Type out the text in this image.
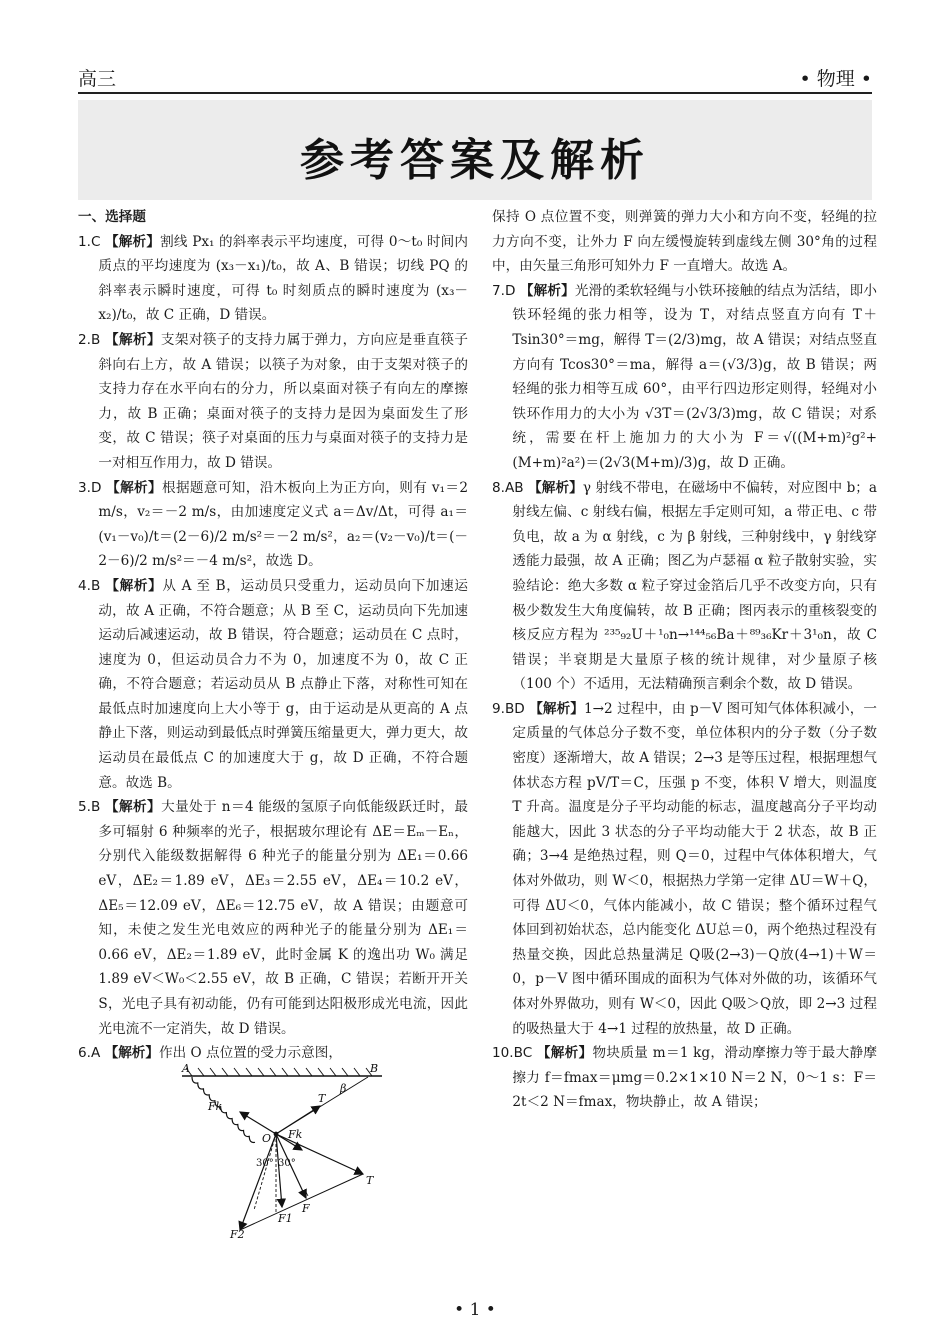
高三	• 物理 •
参考答案及解析

一、选择题

1.C 【解析】割线 Px₁ 的斜率表示平均速度，可得 0～t₀ 时间内质点的平均速度为 (x₃－x₁)/t₀，故 A、B 错误；切线 PQ 的斜率表示瞬时速度，可得 t₀ 时刻质点的瞬时速度为 (x₃－x₂)/t₀，故 C 正确，D 错误。

2.B 【解析】支架对筷子的支持力属于弹力，方向应是垂直筷子斜向右上方，故 A 错误；以筷子为对象，由于支架对筷子的支持力存在水平向右的分力，所以桌面对筷子有向左的摩擦力，故 B 正确；桌面对筷子的支持力是因为桌面发生了形变，故 C 错误；筷子对桌面的压力与桌面对筷子的支持力是一对相互作用力，故 D 错误。

3.D 【解析】根据题意可知，沿木板向上为正方向，则有 v₁＝2 m/s，v₂＝－2 m/s，由加速度定义式 a＝Δv/Δt，可得 a₁＝(v₁－v₀)/t＝(2－6)/2 m/s²＝－2 m/s²，a₂＝(v₂－v₀)/t＝(－2－6)/2 m/s²＝－4 m/s²，故选 D。

4.B 【解析】从 A 至 B，运动员只受重力，运动员向下加速运动，故 A 正确，不符合题意；从 B 至 C，运动员向下先加速运动后减速运动，故 B 错误，符合题意；运动员在 C 点时，速度为 0，但运动员合力不为 0，加速度不为 0，故 C 正确，不符合题意；若运动员从 B 点静止下落，对称性可知在最低点时加速度向上大小等于 g，由于运动是从更高的 A 点静止下落，则运动到最低点时弹簧压缩量更大，弹力更大，故运动员在最低点 C 的加速度大于 g，故 D 正确，不符合题意。故选 B。

5.B 【解析】大量处于 n＝4 能级的氢原子向低能级跃迁时，最多可辐射 6 种频率的光子，根据玻尔理论有 ΔE＝Eₘ－Eₙ，分别代入能级数据解得 6 种光子的能量分别为 ΔE₁＝0.66 eV，ΔE₂＝1.89 eV，ΔE₃＝2.55 eV，ΔE₄＝10.2 eV，ΔE₅＝12.09 eV，ΔE₆＝12.75 eV，故 A 错误；由题意可知，未使之发生光电效应的两种光子的能量分别为 ΔE₁＝0.66 eV，ΔE₂＝1.89 eV，此时金属 K 的逸出功 W₀ 满足 1.89 eV＜W₀＜2.55 eV，故 B 正确，C 错误；若断开开关 S，光电子具有初动能，仍有可能到达阳极形成光电流，因此光电流不一定消失，故 D 错误。

6.A 【解析】作出 O 点位置的受力示意图，

A	B
β
Fk
O Fk
T
30° 30°
T
F
F1
F2

保持 O 点位置不变，则弹簧的弹力大小和方向不变，轻绳的拉力方向不变，让外力 F 向左缓慢旋转到虚线左侧 30°角的过程中，由矢量三角形可知外力 F 一直增大。故选 A。

7.D 【解析】光滑的柔软轻绳与小铁环接触的结点为活结，即小铁环轻绳的张力相等，设为 T，对结点竖直方向有 T＋Tsin30°＝mg，解得 T＝(2/3)mg，故 A 错误；对结点竖直方向有 Tcos30°＝ma，解得 a＝(√3/3)g，故 B 错误；两轻绳的张力相等互成 60°，由平行四边形定则得，轻绳对小铁环作用力的大小为 √3T＝(2√3/3)mg，故 C 错误；对系统，需要在杆上施加力的大小为 F＝√((M+m)²g²+(M+m)²a²)＝(2√3(M+m)/3)g，故 D 正确。

8.AB 【解析】γ 射线不带电，在磁场中不偏转，对应图中 b；a 射线左偏、c 射线右偏，根据左手定则可知，a 带正电、c 带负电，故 a 为 α 射线，c 为 β 射线，三种射线中，γ 射线穿透能力最强，故 A 正确；图乙为卢瑟福 α 粒子散射实验，实验结论：绝大多数 α 粒子穿过金箔后几乎不改变方向，只有极少数发生大角度偏转，故 B 正确；图丙表示的重核裂变的核反应方程为 ²³⁵₉₂U＋¹₀n→¹⁴⁴₅₆Ba＋⁸⁹₃₆Kr＋3¹₀n，故 C 错误；半衰期是大量原子核的统计规律，对少量原子核（100 个）不适用，无法精确预言剩余个数，故 D 错误。

9.BD 【解析】1→2 过程中，由 p－V 图可知气体体积减小，一定质量的气体总分子数不变，单位体积内的分子数（分子数密度）逐渐增大，故 A 错误；2→3 是等压过程，根据理想气体状态方程 pV/T＝C，压强 p 不变，体积 V 增大，则温度 T 升高。温度是分子平均动能的标志，温度越高分子平均动能越大，因此 3 状态的分子平均动能大于 2 状态，故 B 正确；3→4 是绝热过程，则 Q＝0，过程中气体体积增大，气体对外做功，则 W＜0，根据热力学第一定律 ΔU＝W＋Q，可得 ΔU＜0，气体内能减小，故 C 错误；整个循环过程气体回到初始状态，总内能变化 ΔU总＝0，两个绝热过程没有热量交换，因此总热量满足 Q吸(2→3)－Q放(4→1)＋W＝0，p－V 图中循环围成的面积为气体对外做的功，该循环气体对外界做功，则有 W＜0，因此 Q吸＞Q放，即 2→3 过程的吸热量大于 4→1 过程的放热量，故 D 正确。

10.BC 【解析】物块质量 m＝1 kg，滑动摩擦力等于最大静摩擦力 f＝fmax＝μmg＝0.2×1×10 N＝2 N，0～1 s：F＝2t＜2 N＝fmax，物块静止，故 A 错误；

• 1 •
